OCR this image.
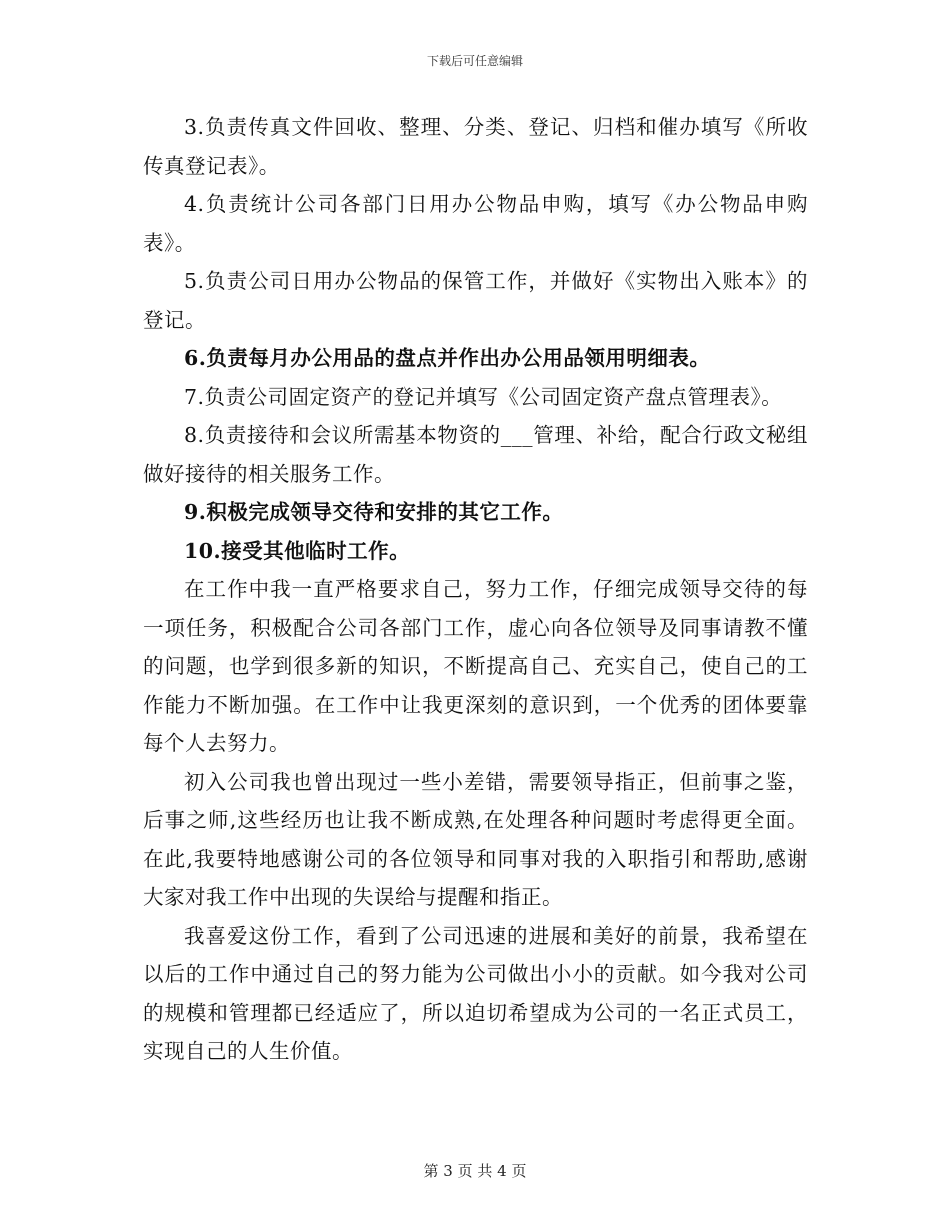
下载后可任意编辑

3.负责传真文件回收、整理、分类、登记、归档和催办填写《所收传真登记表》。

4.负责统计公司各部门日用办公物品申购，填写《办公物品申购表》。

5.负责公司日用办公物品的保管工作，并做好《实物出入账本》的登记。

6.负责每月办公用品的盘点并作出办公用品领用明细表。

7.负责公司固定资产的登记并填写《公司固定资产盘点管理表》。

8.负责接待和会议所需基本物资的___管理、补给，配合行政文秘组做好接待的相关服务工作。

9.积极完成领导交待和安排的其它工作。

10.接受其他临时工作。

在工作中我一直严格要求自己，努力工作，仔细完成领导交待的每一项任务，积极配合公司各部门工作，虚心向各位领导及同事请教不懂的问题，也学到很多新的知识，不断提高自己、充实自己，使自己的工作能力不断加强。在工作中让我更深刻的意识到，一个优秀的团体要靠每个人去努力。

初入公司我也曾出现过一些小差错，需要领导指正，但前事之鉴，后事之师,这些经历也让我不断成熟,在处理各种问题时考虑得更全面。在此,我要特地感谢公司的各位领导和同事对我的入职指引和帮助,感谢大家对我工作中出现的失误给与提醒和指正。

我喜爱这份工作，看到了公司迅速的进展和美好的前景，我希望在以后的工作中通过自己的努力能为公司做出小小的贡献。如今我对公司的规模和管理都已经适应了，所以迫切希望成为公司的一名正式员工，实现自己的人生价值。

第 3 页 共 4 页
